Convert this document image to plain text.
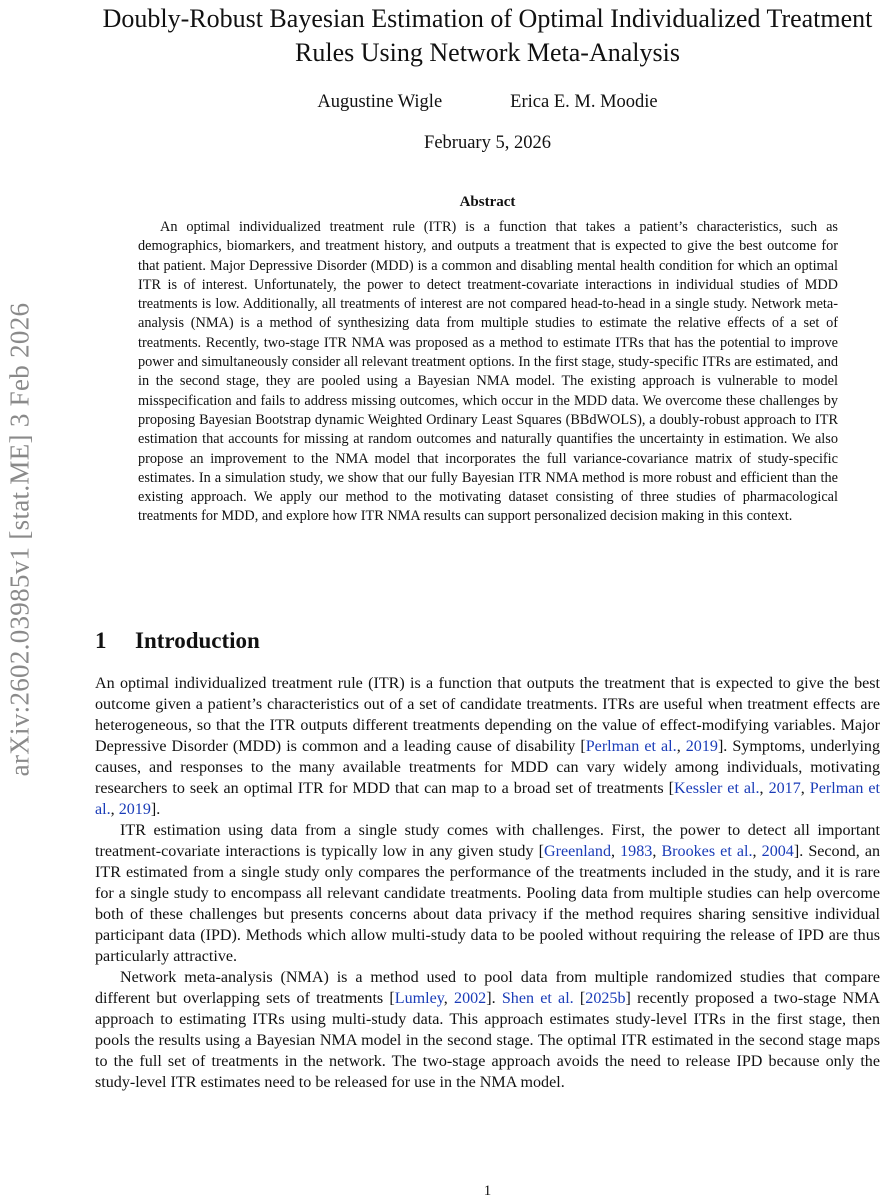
arXiv:2602.03985v1 [stat.ME] 3 Feb 2026
Doubly-Robust Bayesian Estimation of Optimal Individualized Treatment Rules Using Network Meta-Analysis
Augustine Wigle	Erica E. M. Moodie
February 5, 2026
Abstract

An optimal individualized treatment rule (ITR) is a function that takes a patient’s characteristics, such as demographics, biomarkers, and treatment history, and outputs a treatment that is expected to give the best outcome for that patient. Major Depressive Disorder (MDD) is a common and disabling mental health condition for which an optimal ITR is of interest. Unfortunately, the power to detect treatment-covariate interactions in individual studies of MDD treatments is low. Additionally, all treatments of interest are not compared head-to-head in a single study. Network meta-analysis (NMA) is a method of synthesizing data from multiple studies to estimate the relative effects of a set of treatments. Recently, two-stage ITR NMA was proposed as a method to estimate ITRs that has the potential to improve power and simultaneously consider all relevant treatment options. In the first stage, study-specific ITRs are estimated, and in the second stage, they are pooled using a Bayesian NMA model. The existing approach is vulnerable to model misspecification and fails to address missing outcomes, which occur in the MDD data. We overcome these challenges by proposing Bayesian Bootstrap dynamic Weighted Ordinary Least Squares (BBdWOLS), a doubly-robust approach to ITR estimation that accounts for missing at random outcomes and naturally quantifies the uncertainty in estimation. We also propose an improvement to the NMA model that incorporates the full variance-covariance matrix of study-specific estimates. In a simulation study, we show that our fully Bayesian ITR NMA method is more robust and efficient than the existing approach. We apply our method to the motivating dataset consisting of three studies of pharmacological treatments for MDD, and explore how ITR NMA results can support personalized decision making in this context.

1 Introduction

An optimal individualized treatment rule (ITR) is a function that outputs the treatment that is expected to give the best outcome given a patient’s characteristics out of a set of candidate treatments. ITRs are useful when treatment effects are heterogeneous, so that the ITR outputs different treatments depending on the value of effect-modifying variables. Major Depressive Disorder (MDD) is common and a leading cause of disability [Perlman et al., 2019]. Symptoms, underlying causes, and responses to the many available treatments for MDD can vary widely among individuals, motivating researchers to seek an optimal ITR for MDD that can map to a broad set of treatments [Kessler et al., 2017, Perlman et al., 2019].

ITR estimation using data from a single study comes with challenges. First, the power to detect all important treatment-covariate interactions is typically low in any given study [Greenland, 1983, Brookes et al., 2004]. Second, an ITR estimated from a single study only compares the performance of the treatments included in the study, and it is rare for a single study to encompass all relevant candidate treatments. Pooling data from multiple studies can help overcome both of these challenges but presents concerns about data privacy if the method requires sharing sensitive individual participant data (IPD). Methods which allow multi-study data to be pooled without requiring the release of IPD are thus particularly attractive.

Network meta-analysis (NMA) is a method used to pool data from multiple randomized studies that compare different but overlapping sets of treatments [Lumley, 2002]. Shen et al. [2025b] recently proposed a two-stage NMA approach to estimating ITRs using multi-study data. This approach estimates study-level ITRs in the first stage, then pools the results using a Bayesian NMA model in the second stage. The optimal ITR estimated in the second stage maps to the full set of treatments in the network. The two-stage approach avoids the need to release IPD because only the study-level ITR estimates need to be released for use in the NMA model.

1
